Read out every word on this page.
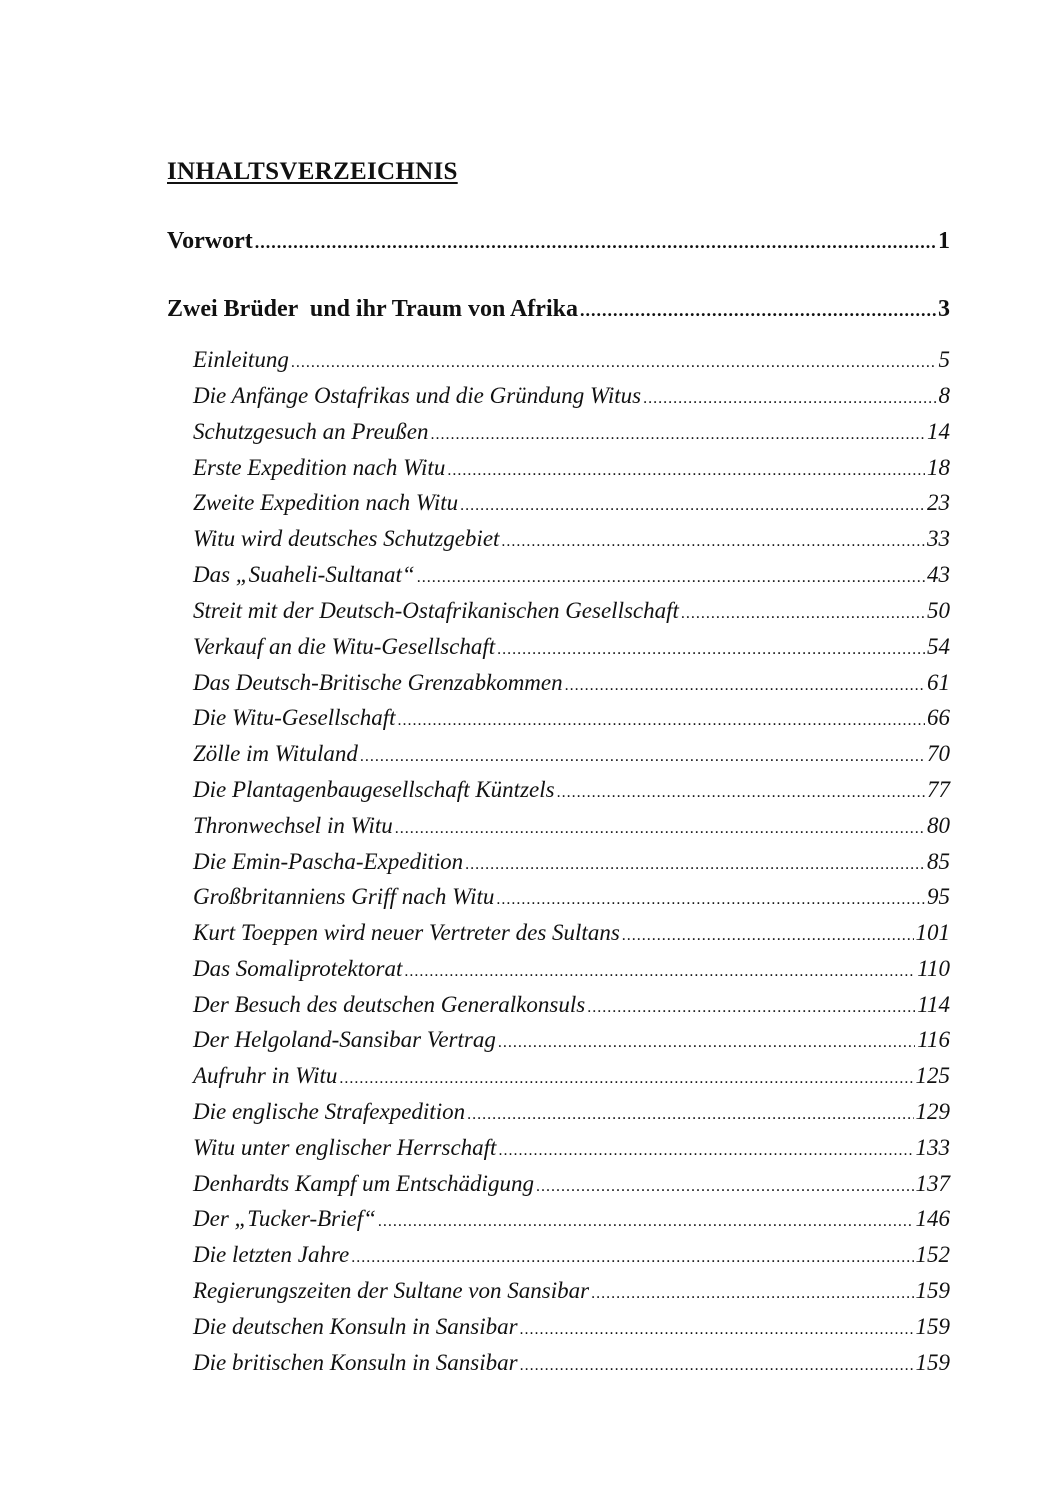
INHALTSVERZEICHNIS
Vorwort .....	1
Zwei Brüder  und ihr Traum von Afrika .....	3
Einleitung .....	5
Die Anfänge Ostafrikas und die Gründung Witus .....	8
Schutzgesuch an Preußen .....	14
Erste Expedition nach Witu .....	18
Zweite Expedition nach Witu .....	23
Witu wird deutsches Schutzgebiet .....	33
Das „Suaheli-Sultanat“ .....	43
Streit mit der Deutsch-Ostafrikanischen Gesellschaft .....	50
Verkauf an die Witu-Gesellschaft .....	54
Das Deutsch-Britische Grenzabkommen .....	61
Die Witu-Gesellschaft .....	66
Zölle im Wituland .....	70
Die Plantagenbaugesellschaft Küntzels .....	77
Thronwechsel in Witu .....	80
Die Emin-Pascha-Expedition .....	85
Großbritanniens Griff nach Witu .....	95
Kurt Toeppen wird neuer Vertreter des Sultans .....	101
Das Somaliprotektorat .....	110
Der Besuch des deutschen Generalkonsuls .....	114
Der Helgoland-Sansibar Vertrag .....	116
Aufruhr in Witu .....	125
Die englische Strafexpedition .....	129
Witu unter englischer Herrschaft .....	133
Denhardts Kampf um Entschädigung .....	137
Der „Tucker-Brief“ .....	146
Die letzten Jahre .....	152
Regierungszeiten der Sultane von Sansibar .....	159
Die deutschen Konsuln in Sansibar .....	159
Die britischen Konsuln in Sansibar .....	159
